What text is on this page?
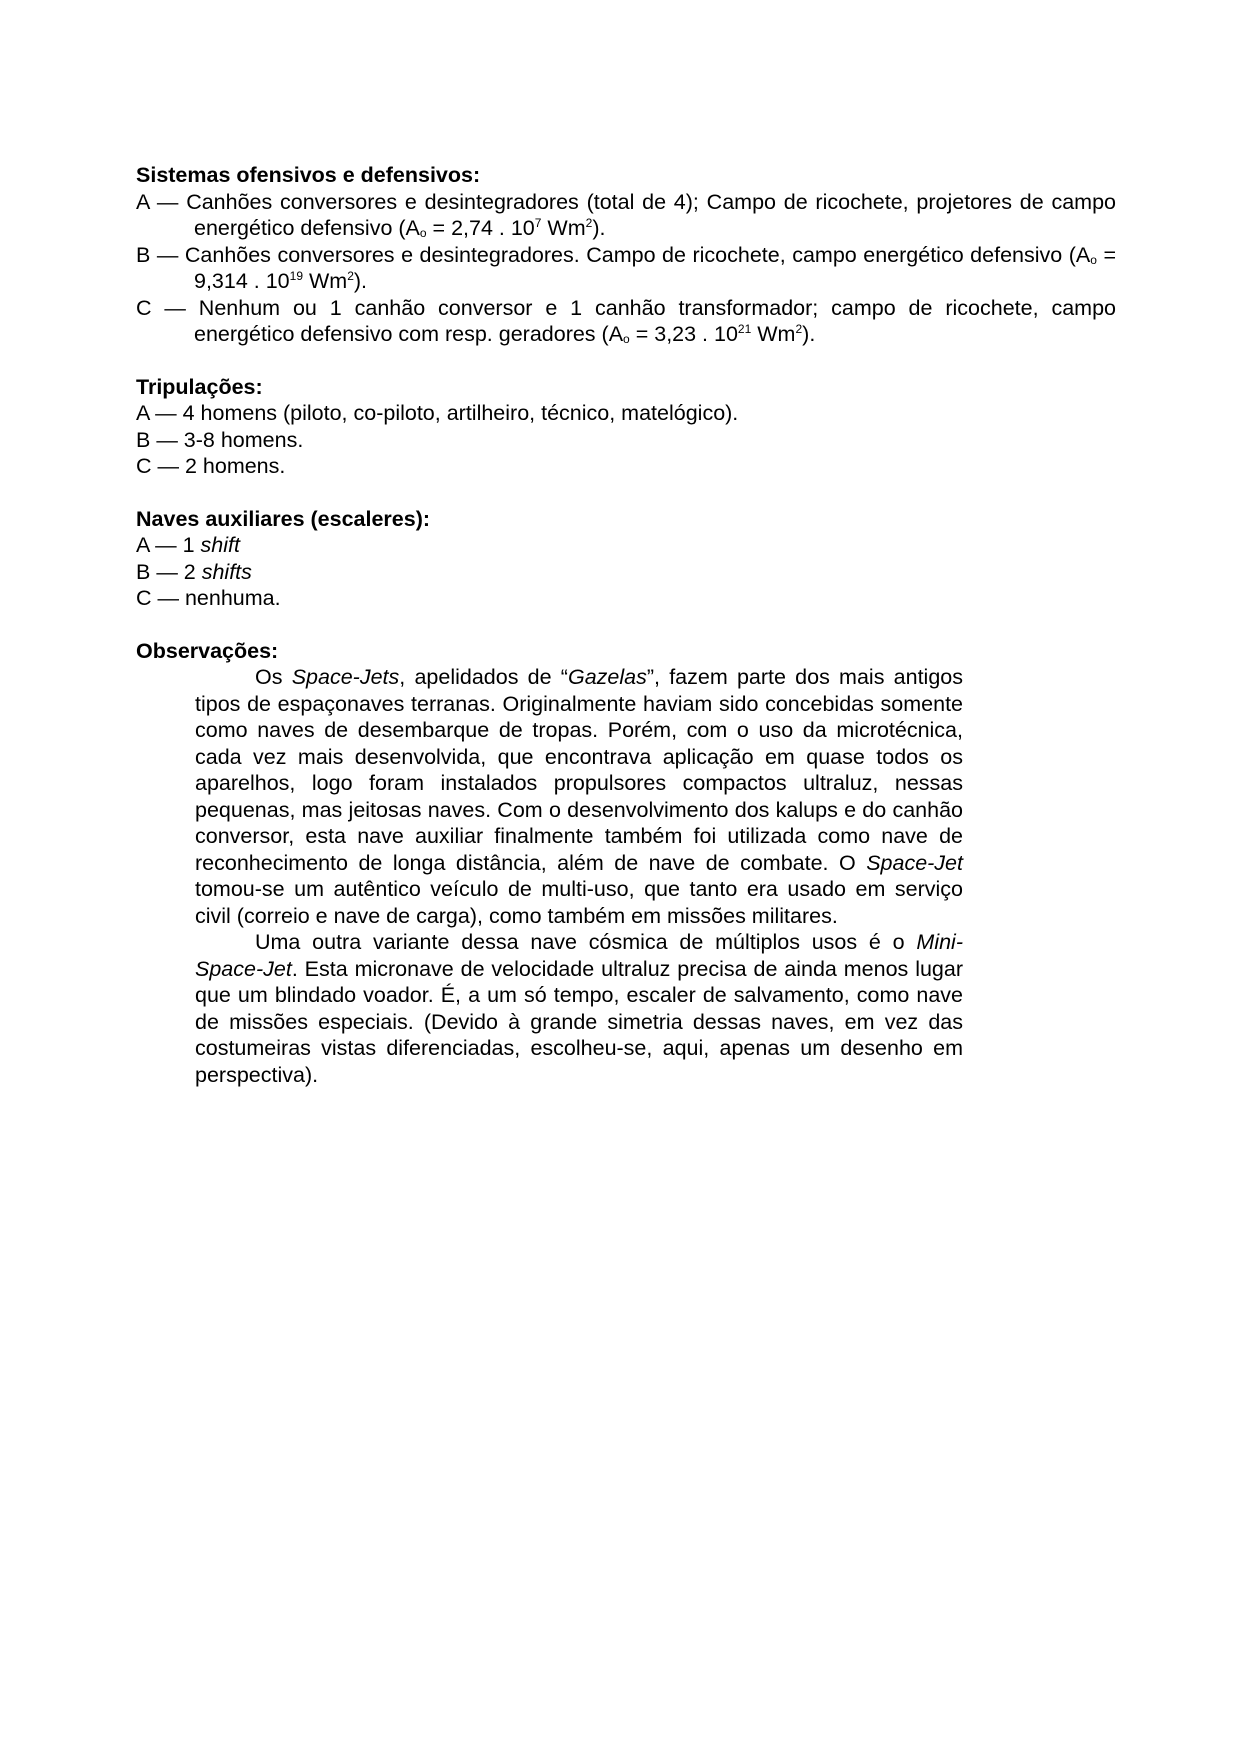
Sistemas ofensivos e defensivos:

A — Canhões conversores e desintegradores (total de 4); Campo de ricochete, projetores de campo energético defensivo ($A_o = 2,74$ . $10^7$ Wm$^2$).

B — Canhões conversores e desintegradores. Campo de ricochete, campo energético defensivo ($A_o = 9,314$ . $10^{19}$ Wm$^2$).

C — Nenhum ou 1 canhão conversor e 1 canhão transformador; campo de ricochete, campo energético defensivo com resp. geradores ($A_o = 3,23$ . $10^{21}$ Wm$^2$).

Tripulações:

A — 4 homens (piloto, co-piloto, artilheiro, técnico, matelógico).

B — 3-8 homens.

C — 2 homens.

Naves auxiliares (escaleres):

A — 1 shift

B — 2 shifts

C — nenhuma.

Observações:

Os Space-Jets, apelidados de “Gazelas”, fazem parte dos mais antigos tipos de espaçonaves terranas. Originalmente haviam sido concebidas somente como naves de desembarque de tropas. Porém, com o uso da microtécnica, cada vez mais desenvolvida, que encontrava aplicação em quase todos os aparelhos, logo foram instalados propulsores compactos ultraluz, nessas pequenas, mas jeitosas naves. Com o desenvolvimento dos kalups e do canhão conversor, esta nave auxiliar finalmente também foi utilizada como nave de reconhecimento de longa distância, além de nave de combate. O Space-Jet tomou-se um autêntico veículo de multi-uso, que tanto era usado em serviço civil (correio e nave de carga), como também em missões militares.

Uma outra variante dessa nave cósmica de múltiplos usos é o Mini-Space-Jet. Esta micronave de velocidade ultraluz precisa de ainda menos lugar que um blindado voador. É, a um só tempo, escaler de salvamento, como nave de missões especiais. (Devido à grande simetria dessas naves, em vez das costumeiras vistas diferenciadas, escolheu-se, aqui, apenas um desenho em perspectiva).
